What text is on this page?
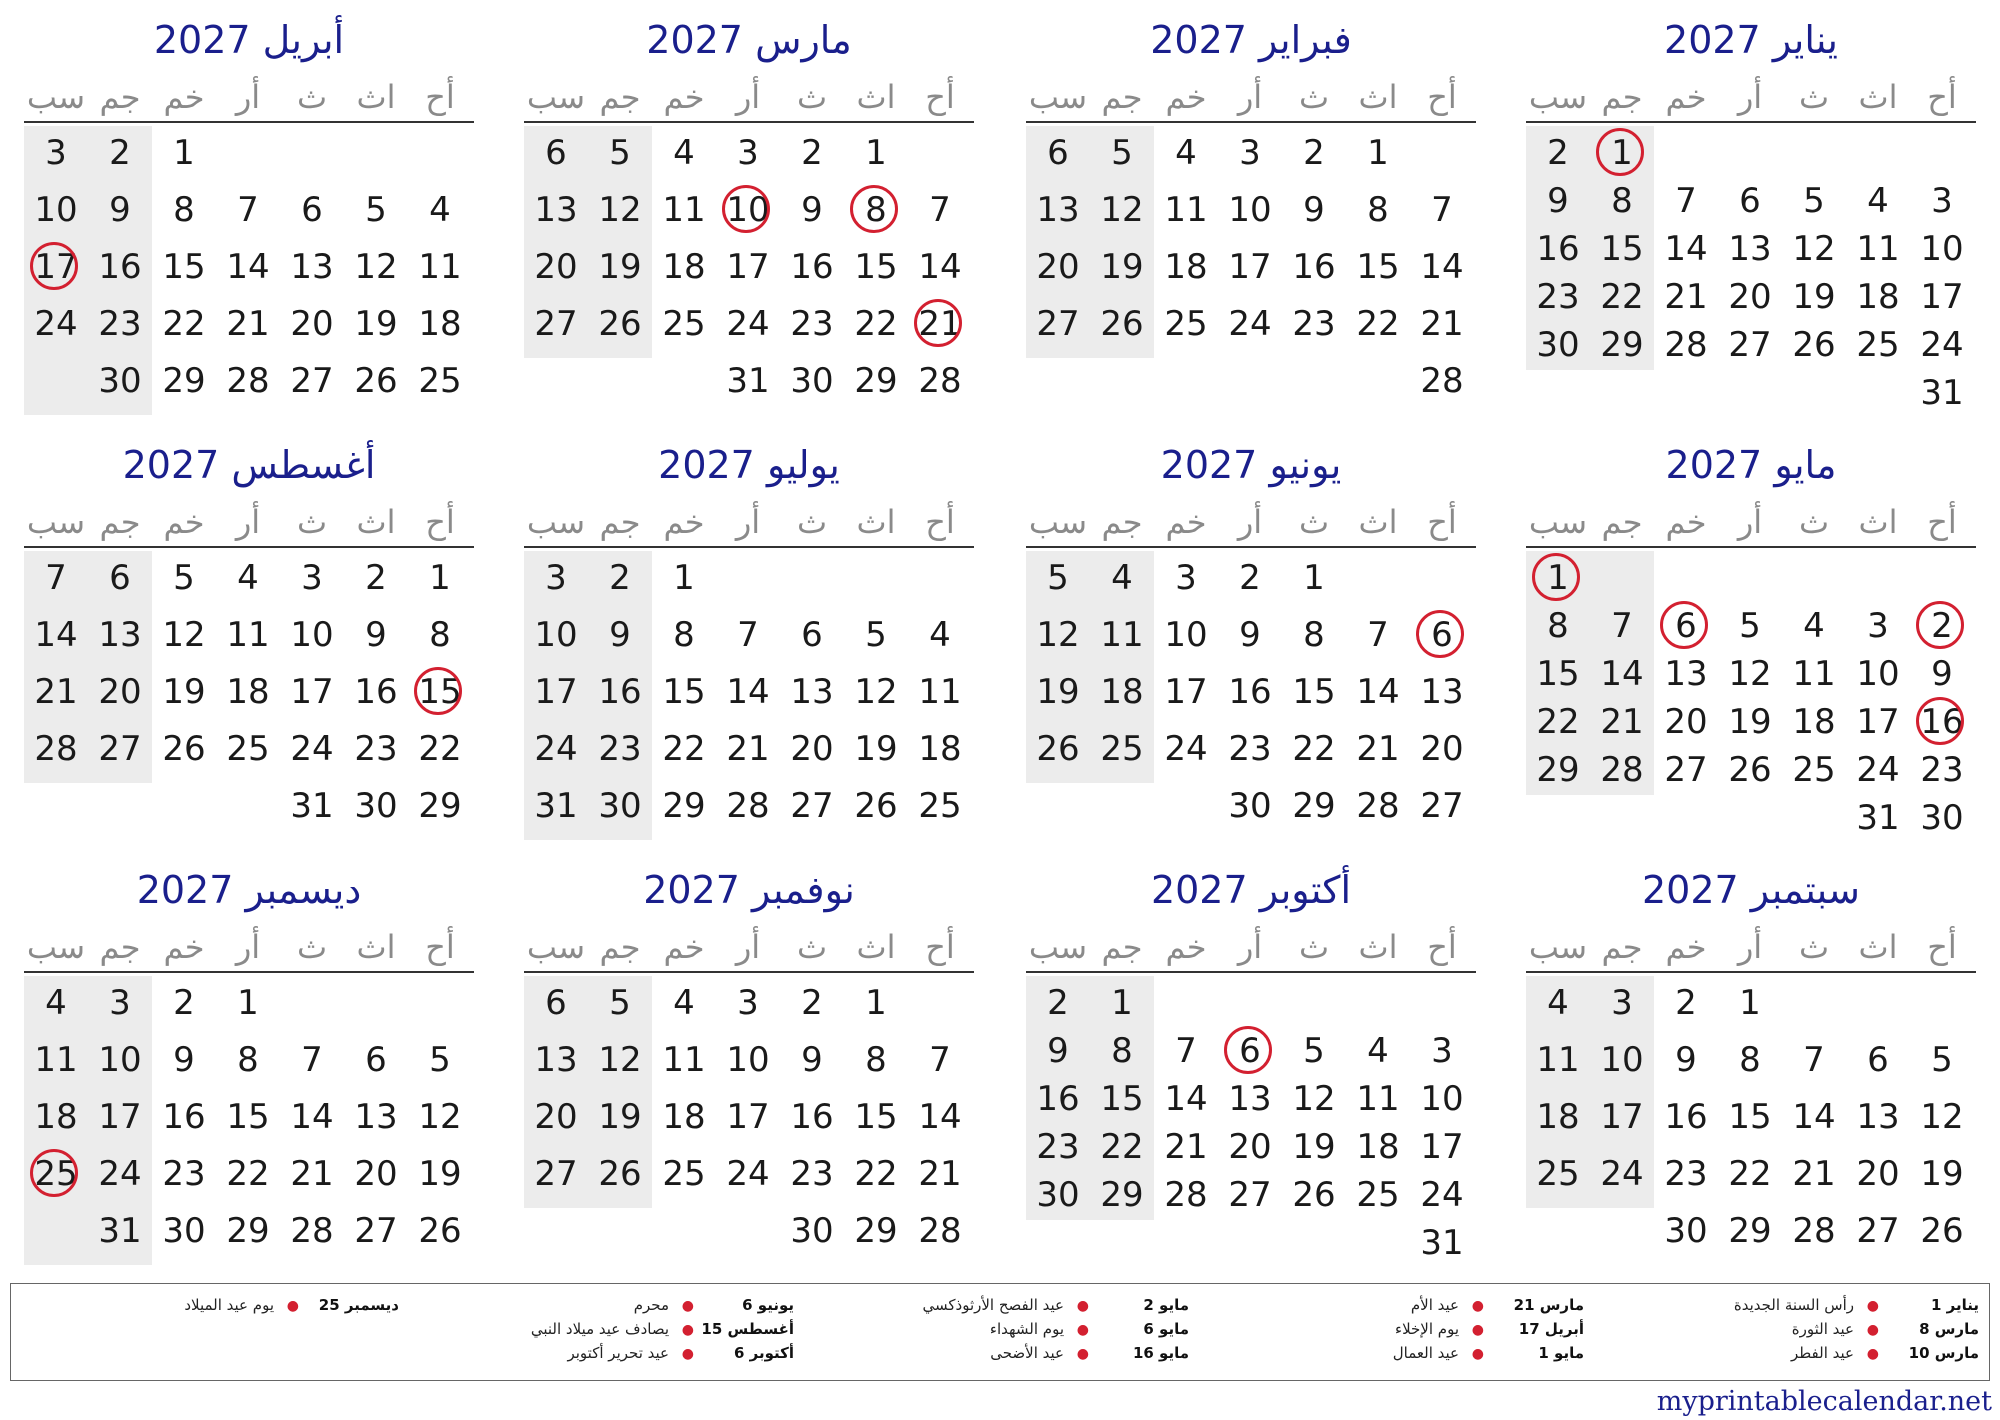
يناير 2027
أح
اث
ث
أر
خم
جم
سب
1
2
3
4
5
6
7
8
9
10
11
12
13
14
15
16
17
18
19
20
21
22
23
24
25
26
27
28
29
30
31
فبراير 2027
أح
اث
ث
أر
خم
جم
سب
1
2
3
4
5
6
7
8
9
10
11
12
13
14
15
16
17
18
19
20
21
22
23
24
25
26
27
28
مارس 2027
أح
اث
ث
أر
خم
جم
سب
1
2
3
4
5
6
7
8
9
10
11
12
13
14
15
16
17
18
19
20
21
22
23
24
25
26
27
28
29
30
31
أبريل 2027
أح
اث
ث
أر
خم
جم
سب
1
2
3
4
5
6
7
8
9
10
11
12
13
14
15
16
17
18
19
20
21
22
23
24
25
26
27
28
29
30
مايو 2027
أح
اث
ث
أر
خم
جم
سب
1
2
3
4
5
6
7
8
9
10
11
12
13
14
15
16
17
18
19
20
21
22
23
24
25
26
27
28
29
30
31
يونيو 2027
أح
اث
ث
أر
خم
جم
سب
1
2
3
4
5
6
7
8
9
10
11
12
13
14
15
16
17
18
19
20
21
22
23
24
25
26
27
28
29
30
يوليو 2027
أح
اث
ث
أر
خم
جم
سب
1
2
3
4
5
6
7
8
9
10
11
12
13
14
15
16
17
18
19
20
21
22
23
24
25
26
27
28
29
30
31
أغسطس 2027
أح
اث
ث
أر
خم
جم
سب
1
2
3
4
5
6
7
8
9
10
11
12
13
14
15
16
17
18
19
20
21
22
23
24
25
26
27
28
29
30
31
سبتمبر 2027
أح
اث
ث
أر
خم
جم
سب
1
2
3
4
5
6
7
8
9
10
11
12
13
14
15
16
17
18
19
20
21
22
23
24
25
26
27
28
29
30
أكتوبر 2027
أح
اث
ث
أر
خم
جم
سب
1
2
3
4
5
6
7
8
9
10
11
12
13
14
15
16
17
18
19
20
21
22
23
24
25
26
27
28
29
30
31
نوفمبر 2027
أح
اث
ث
أر
خم
جم
سب
1
2
3
4
5
6
7
8
9
10
11
12
13
14
15
16
17
18
19
20
21
22
23
24
25
26
27
28
29
30
ديسمبر 2027
أح
اث
ث
أر
خم
جم
سب
1
2
3
4
5
6
7
8
9
10
11
12
13
14
15
16
17
18
19
20
21
22
23
24
25
26
27
28
29
30
31
يناير 1
●
رأس السنة الجديدة
مارس 8
●
عيد الثورة
مارس 10
●
عيد الفطر
مارس 21
●
عيد الأم
أبريل 17
●
يوم الإخلاء
مايو 1
●
عيد العمال
مايو 2
●
عيد الفصح الأرثوذكسي
مايو 6
●
يوم الشهداء
مايو 16
●
عيد الأضحى
يونيو 6
●
محرم
أغسطس 15
●
يصادف عيد ميلاد النبي
أكتوبر 6
●
عيد تحرير أكتوبر
ديسمبر 25
●
يوم عيد الميلاد
myprintablecalendar.net
